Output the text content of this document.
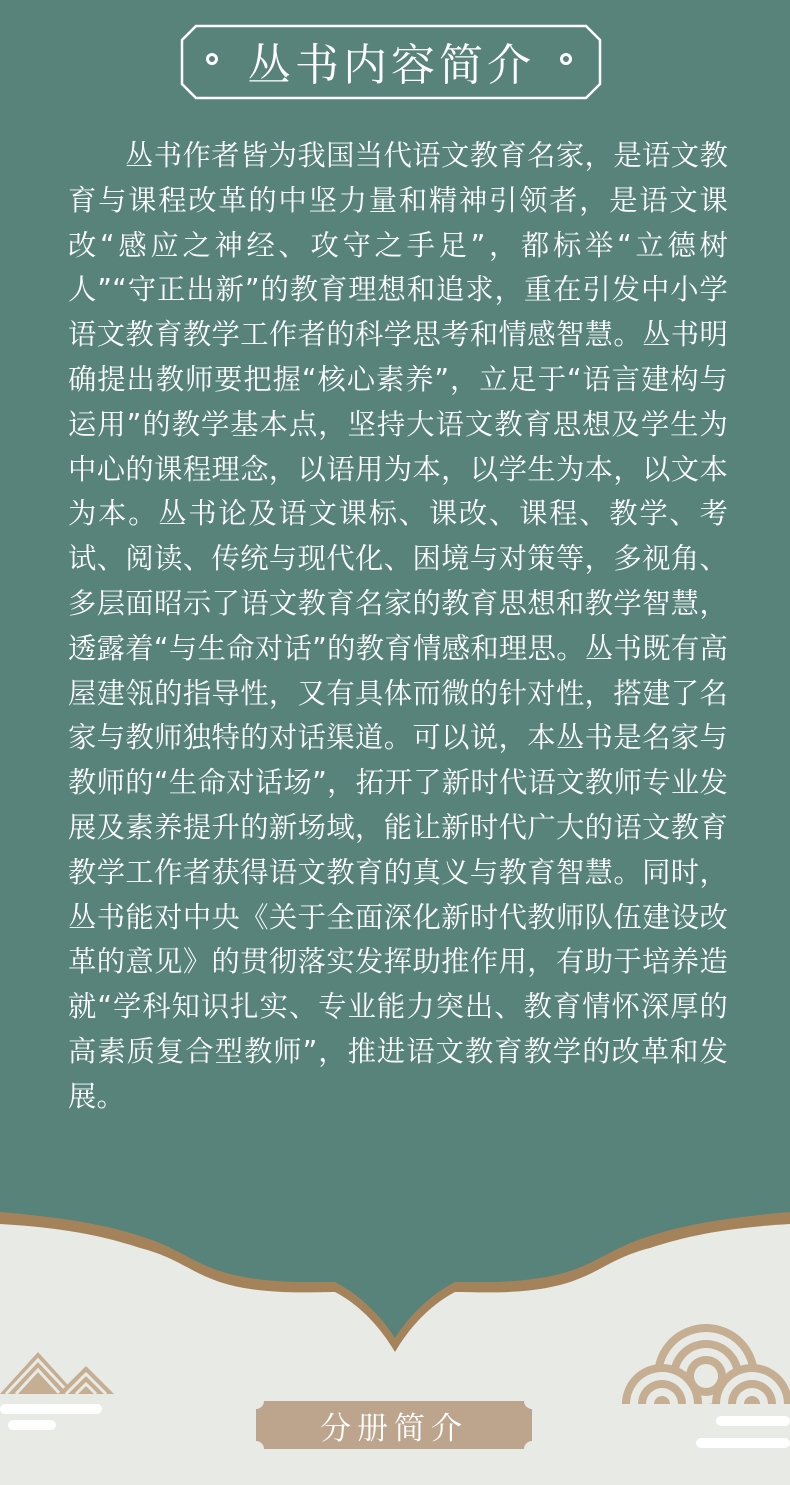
丛书内容简介

丛书作者皆为我国当代语文教育名家，是语文教育与课程改革的中坚力量和精神引领者，是语文课改“感应之神经、攻守之手足”，都标举“立德树人”“守正出新”的教育理想和追求，重在引发中小学语文教育教学工作者的科学思考和情感智慧。丛书明确提出教师要把握“核心素养”，立足于“语言建构与运用”的教学基本点，坚持大语文教育思想及学生为中心的课程理念，以语用为本，以学生为本，以文本为本。丛书论及语文课标、课改、课程、教学、考试、阅读、传统与现代化、困境与对策等，多视角、多层面昭示了语文教育名家的教育思想和教学智慧，透露着“与生命对话”的教育情感和理思。丛书既有高屋建瓴的指导性，又有具体而微的针对性，搭建了名家与教师独特的对话渠道。可以说，本丛书是名家与教师的“生命对话场”，拓开了新时代语文教师专业发展及素养提升的新场域，能让新时代广大的语文教育教学工作者获得语文教育的真义与教育智慧。同时，丛书能对中央《关于全面深化新时代教师队伍建设改革的意见》的贯彻落实发挥助推作用，有助于培养造就“学科知识扎实、专业能力突出、教育情怀深厚的高素质复合型教师”，推进语文教育教学的改革和发展。

分册简介
